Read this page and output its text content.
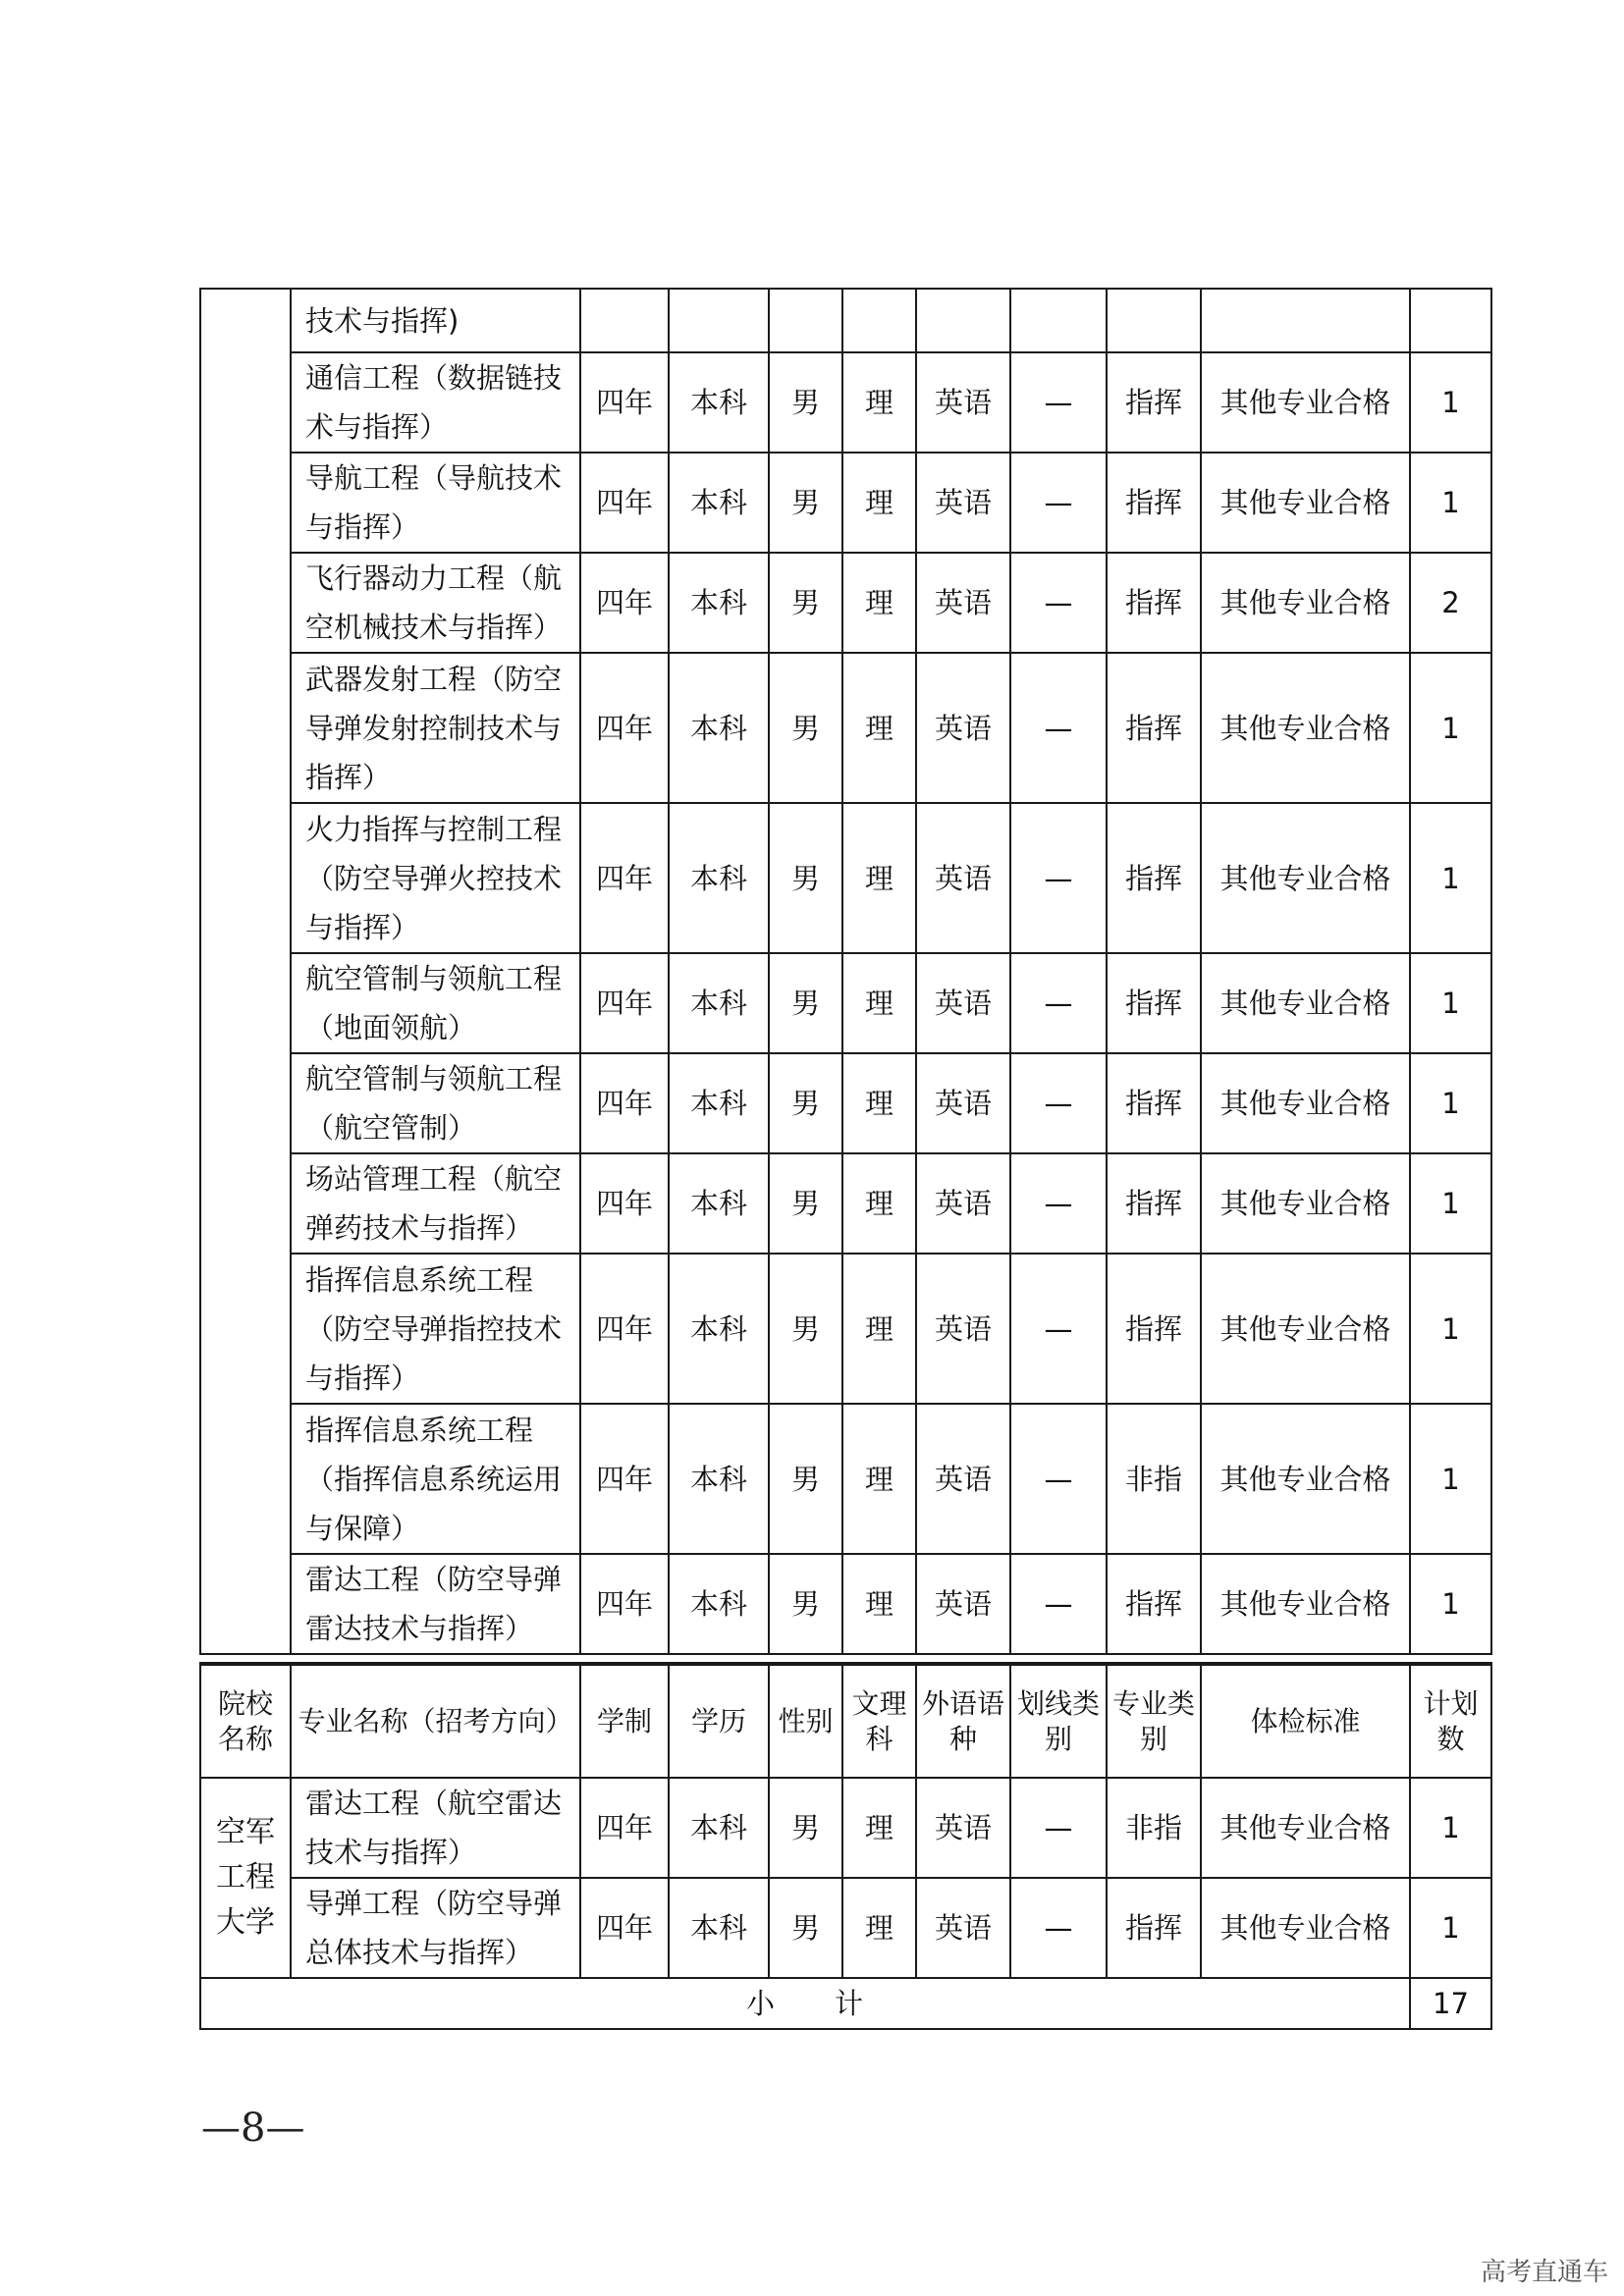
	技术与指挥)									
	通信工程（数据链技术与指挥）	四年	本科	男	理	英语	—	指挥	其他专业合格	1
	导航工程（导航技术与指挥）	四年	本科	男	理	英语	—	指挥	其他专业合格	1
	飞行器动力工程（航空机械技术与指挥）	四年	本科	男	理	英语	—	指挥	其他专业合格	2
	武器发射工程（防空导弹发射控制技术与指挥）	四年	本科	男	理	英语	—	指挥	其他专业合格	1
	火力指挥与控制工程（防空导弹火控技术与指挥）	四年	本科	男	理	英语	—	指挥	其他专业合格	1
	航空管制与领航工程（地面领航）	四年	本科	男	理	英语	—	指挥	其他专业合格	1
	航空管制与领航工程（航空管制）	四年	本科	男	理	英语	—	指挥	其他专业合格	1
	场站管理工程（航空弹药技术与指挥）	四年	本科	男	理	英语	—	指挥	其他专业合格	1
	指挥信息系统工程（防空导弹指控技术与指挥）	四年	本科	男	理	英语	—	指挥	其他专业合格	1
	指挥信息系统工程（指挥信息系统运用与保障）	四年	本科	男	理	英语	—	非指	其他专业合格	1
	雷达工程（防空导弹雷达技术与指挥）	四年	本科	男	理	英语	—	指挥	其他专业合格	1
院校名称	专业名称（招考方向）	学制	学历	性别	文理科	外语语种	划线类别	专业类别	体检标准	计划数
空军工程大学	雷达工程（航空雷达技术与指挥）	四年	本科	男	理	英语	—	非指	其他专业合格	1
	导弹工程（防空导弹总体技术与指挥）	四年	本科	男	理	英语	—	指挥	其他专业合格	1
小　　计										17
—8—
高考直通车
